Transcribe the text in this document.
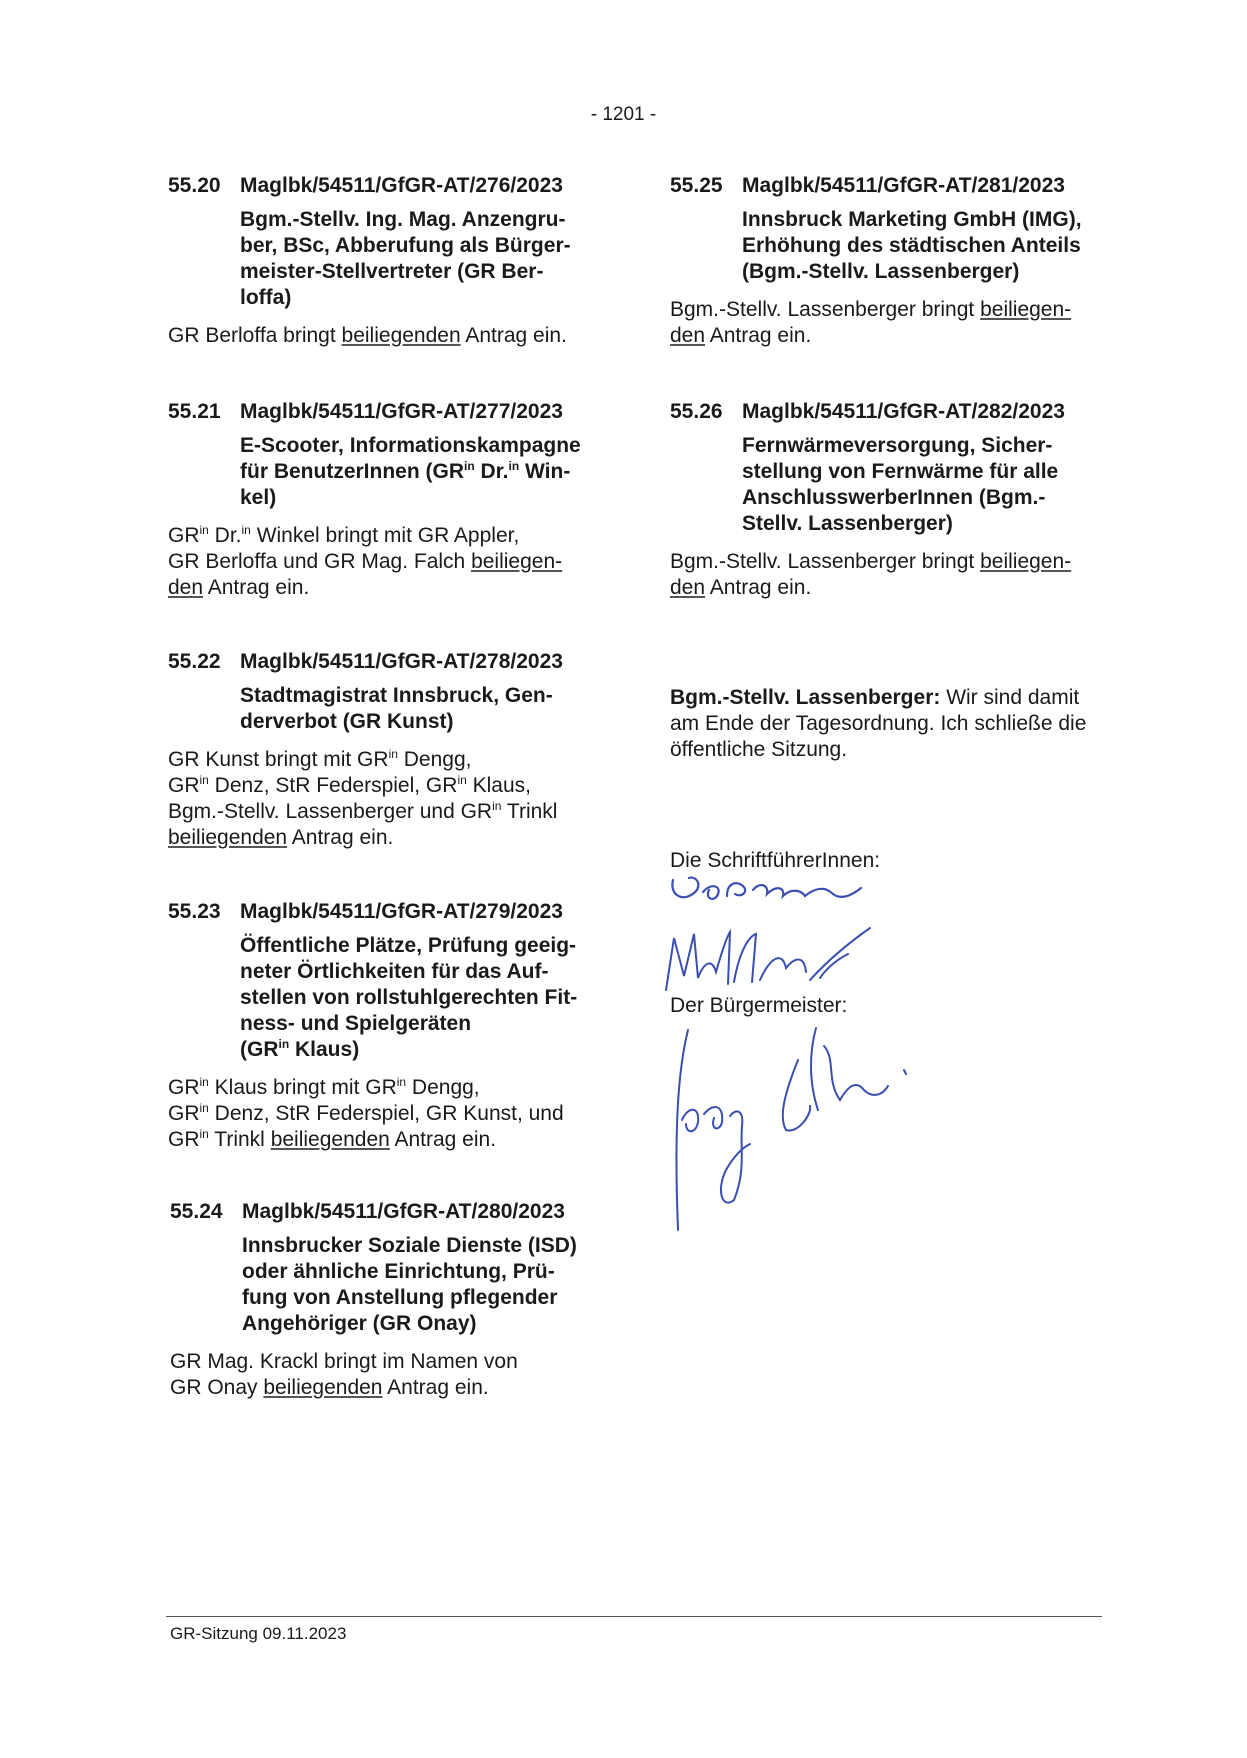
- 1201 -
55.20 Maglbk/54511/GfGR-AT/276/2023
Bgm.-Stellv. Ing. Mag. Anzengru-
ber, BSc, Abberufung als Bürger-
meister-Stellvertreter (GR Ber-
loffa)
GR Berloffa bringt beiliegenden Antrag ein.
55.21 Maglbk/54511/GfGR-AT/277/2023
E-Scooter, Informationskampagne
für BenutzerInnen ($GR^{in}$ Dr.$^{in}$ Win-
kel)
$GR^{in}$ Dr.$^{in}$ Winkel bringt mit GR Appler,
GR Berloffa und GR Mag. Falch beiliegen-
den Antrag ein.
55.22 Maglbk/54511/GfGR-AT/278/2023
Stadtmagistrat Innsbruck, Gen-
derverbot (GR Kunst)
GR Kunst bringt mit $GR^{in}$ Dengg,
$GR^{in}$ Denz, StR Federspiel, $GR^{in}$ Klaus,
Bgm.-Stellv. Lassenberger und $GR^{in}$ Trinkl
beiliegenden Antrag ein.
55.23 Maglbk/54511/GfGR-AT/279/2023
Öffentliche Plätze, Prüfung geeig-
neter Örtlichkeiten für das Auf-
stellen von rollstuhlgerechten Fit-
ness- und Spielgeräten
($GR^{in}$ Klaus)
$GR^{in}$ Klaus bringt mit $GR^{in}$ Dengg,
$GR^{in}$ Denz, StR Federspiel, GR Kunst, und
$GR^{in}$ Trinkl beiliegenden Antrag ein.
55.24 Maglbk/54511/GfGR-AT/280/2023
Innsbrucker Soziale Dienste (ISD)
oder ähnliche Einrichtung, Prü-
fung von Anstellung pflegender
Angehöriger (GR Onay)
GR Mag. Krackl bringt im Namen von
GR Onay beiliegenden Antrag ein.
55.25 Maglbk/54511/GfGR-AT/281/2023
Innsbruck Marketing GmbH (IMG),
Erhöhung des städtischen Anteils
(Bgm.-Stellv. Lassenberger)
Bgm.-Stellv. Lassenberger bringt beiliegen-
den Antrag ein.
55.26 Maglbk/54511/GfGR-AT/282/2023
Fernwärmeversorgung, Sicher-
stellung von Fernwärme für alle
AnschlusswerberInnen (Bgm.-
Stellv. Lassenberger)
Bgm.-Stellv. Lassenberger bringt beiliegen-
den Antrag ein.
Bgm.-Stellv. Lassenberger: Wir sind damit am Ende der Tagesordnung. Ich schließe die öffentliche Sitzung.
Die SchriftführerInnen:
Der Bürgermeister:
GR-Sitzung 09.11.2023
